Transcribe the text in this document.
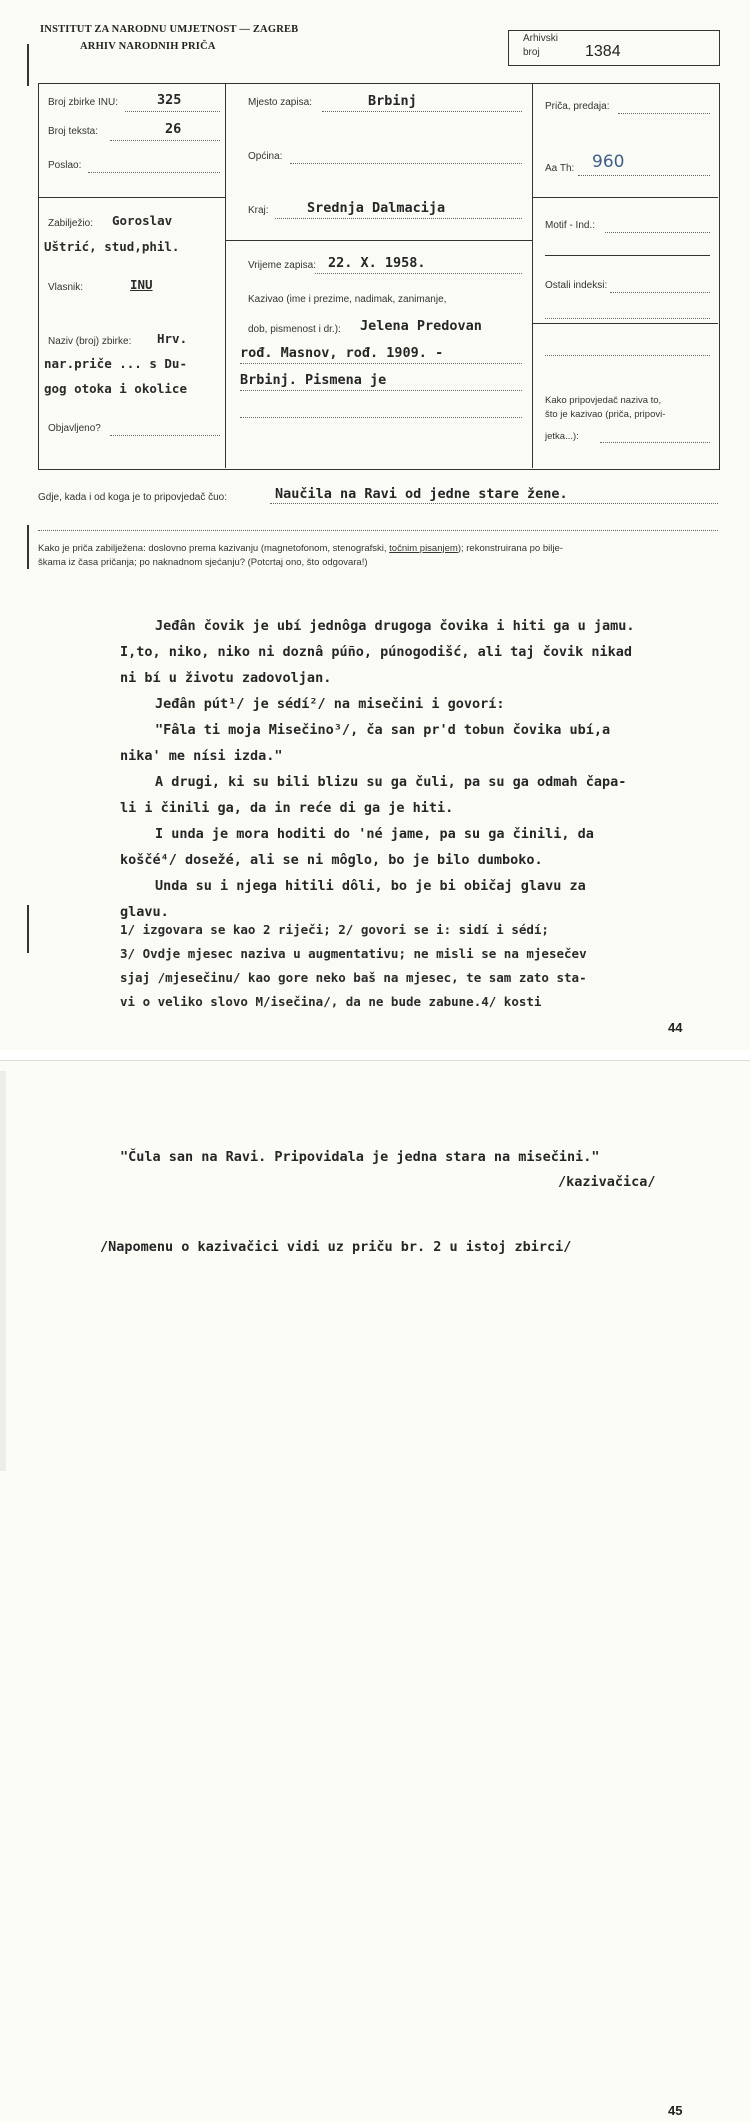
INSTITUT ZA NARODNU UMJETNOST — ZAGREB
ARHIV NARODNIH PRIČA
Arhivski
broj	1384
Broj zbirke INU:	325
Broj teksta:	26
Poslao:
Zabilježio: Goroslav
Uštrić, stud,phil.
Vlasnik:	INU
Naziv (broj) zbirke: Hrv.
nar.priče ... s Du-
gog otoka i okolice
Objavljeno?
Mjesto zapisa:	Brbinj
Općina:
Kraj:	Srednja Dalmacija
Vrijeme zapisa: 22. X. 1958.
Kazivao (ime i prezime, nadimak, zanimanje,
dob, pismenost i dr.): Jelena Predovan
rođ. Masnov, rođ. 1909. -
Brbinj. Pismena je
Priča, predaja:
Aa Th: 960
Motif - Ind.:
Ostali indeksi:
Kako pripovjedač naziva to,
što je kazivao (priča, pripovi-
jetka...):
Gdje, kada i od koga je to pripovjedač čuo:	Naučila na Ravi od jedne stare žene.
Kako je priča zabilježena: doslovno prema kazivanju (magnetofonom, stenografski, točnim pisanjem); rekonstruirana po bilje-
škama iz časa pričanja; po naknadnom sjećanju? (Potcrtaj ono, što odgovara!)

Jeđân čovik je ubí jednôga drugoga čovika i hiti ga u jamu.

I,to, niko, niko ni doznâ púño, púnogodišć, ali taj čovik nikad

ni bí u životu zadovoljan.

Jeđân pút¹/ je sédí²/ na misečini i govorí:

"Fâla ti moja Misečino³/, ča san pr'd tobun čovika ubí,a

nika' me nísi izda."

A drugi, ki su bili blizu su ga čuli, pa su ga odmah čapa-

li i činili ga, da in reće di ga je hiti.

I unda je mora hoditi do 'né jame, pa su ga činili, da

koščé⁴/ dosežé, ali se ni môglo, bo je bilo dumboko.

Unda su i njega hitili dôli, bo je bi običaj glavu za

glavu.

1/ izgovara se kao 2 riječi; 2/ govori se i: sidí i sédí;

3/ Ovdje mjesec naziva u augmentativu; ne misli se na mjesečev

sjaj /mjesečinu/ kao gore neko baš na mjesec, te sam zato sta-

vi o veliko slovo M/isečina/, da ne bude zabune.4/ kosti

44
"Čula san na Ravi. Pripovidala je jedna stara na misečini."
/kazivačica/
/Napomenu o kazivačici vidi uz priču br. 2 u istoj zbirci/
45
